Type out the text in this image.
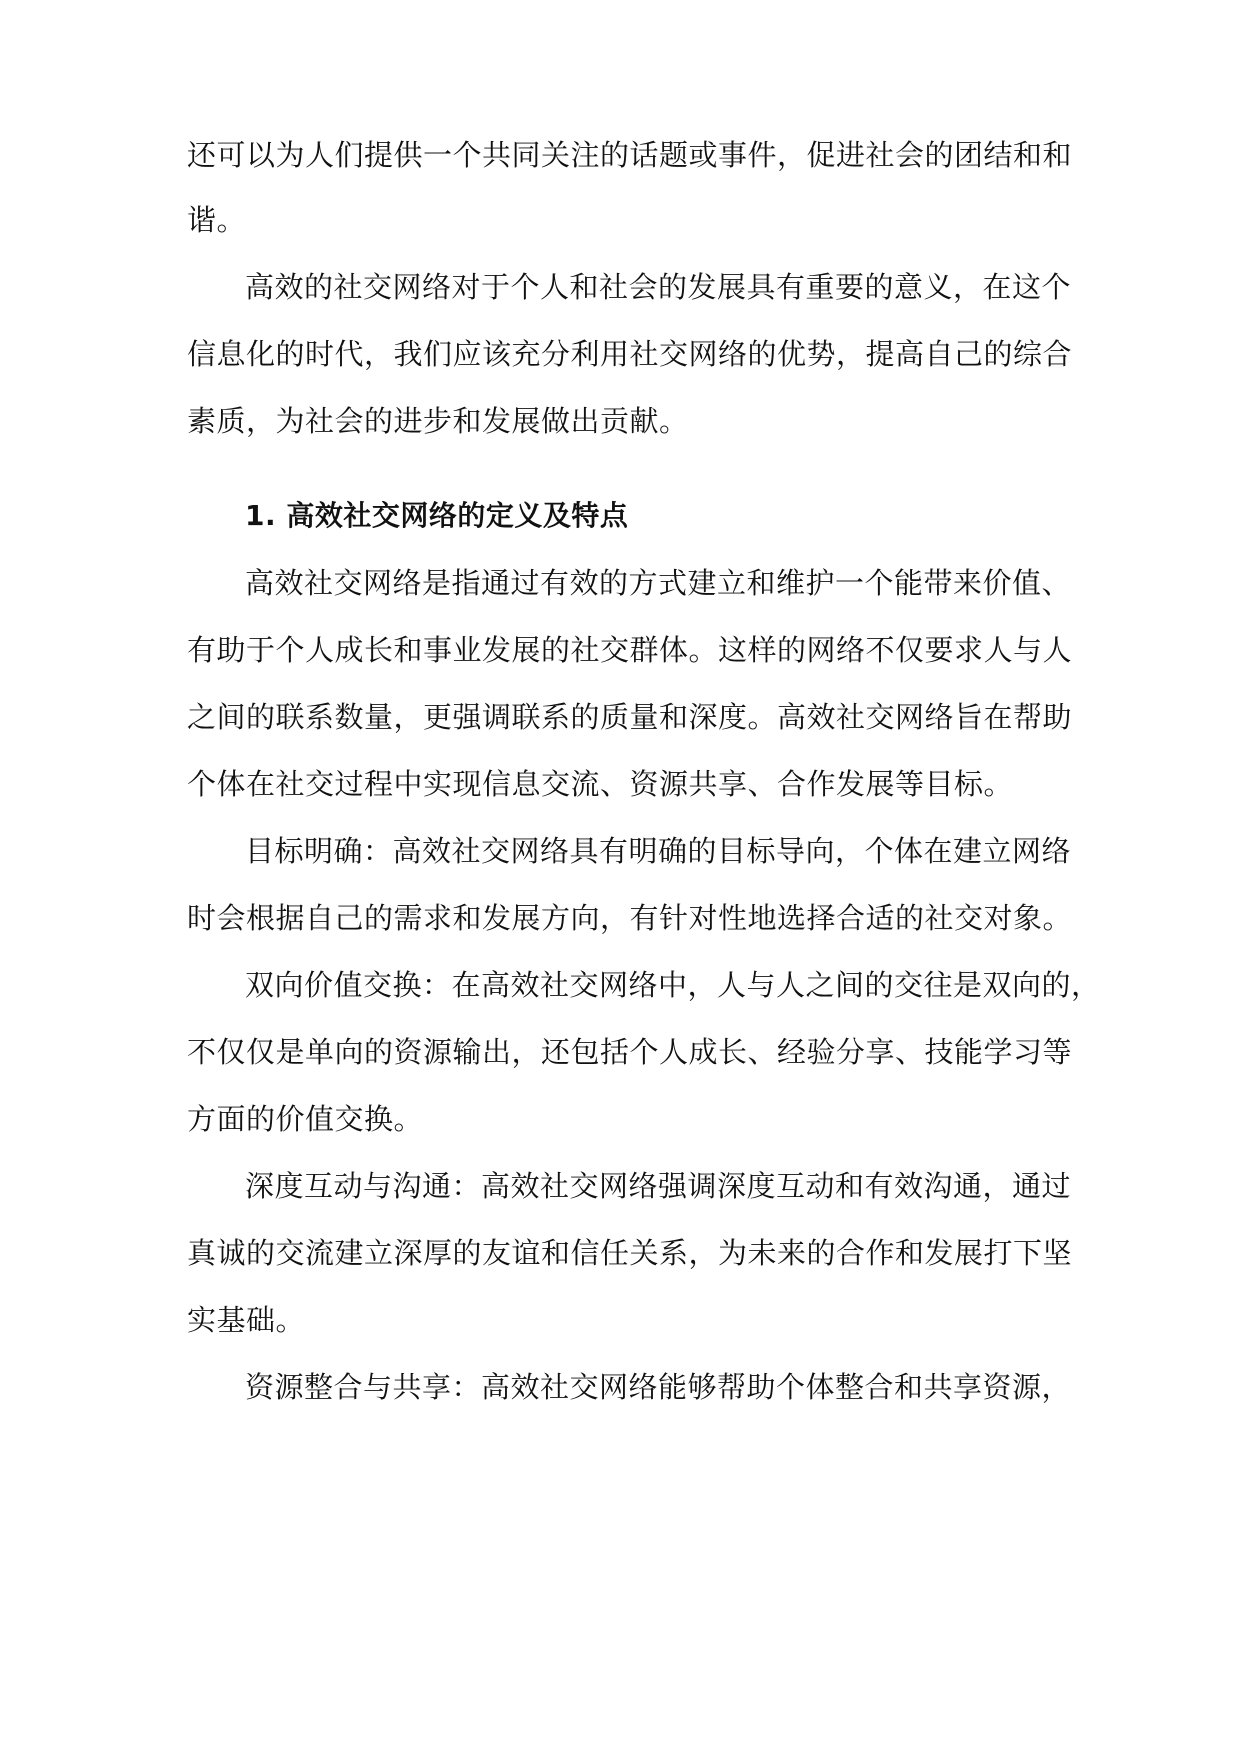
还可以为人们提供一个共同关注的话题或事件，促进社会的团结和和
谐。
高效的社交网络对于个人和社会的发展具有重要的意义，在这个
信息化的时代，我们应该充分利用社交网络的优势，提高自己的综合
素质，为社会的进步和发展做出贡献。
1. 高效社交网络的定义及特点
高效社交网络是指通过有效的方式建立和维护一个能带来价值、
有助于个人成长和事业发展的社交群体。这样的网络不仅要求人与人
之间的联系数量，更强调联系的质量和深度。高效社交网络旨在帮助
个体在社交过程中实现信息交流、资源共享、合作发展等目标。
目标明确：高效社交网络具有明确的目标导向，个体在建立网络
时会根据自己的需求和发展方向，有针对性地选择合适的社交对象。
双向价值交换：在高效社交网络中，人与人之间的交往是双向的，
不仅仅是单向的资源输出，还包括个人成长、经验分享、技能学习等
方面的价值交换。
深度互动与沟通：高效社交网络强调深度互动和有效沟通，通过
真诚的交流建立深厚的友谊和信任关系，为未来的合作和发展打下坚
实基础。
资源整合与共享：高效社交网络能够帮助个体整合和共享资源，
